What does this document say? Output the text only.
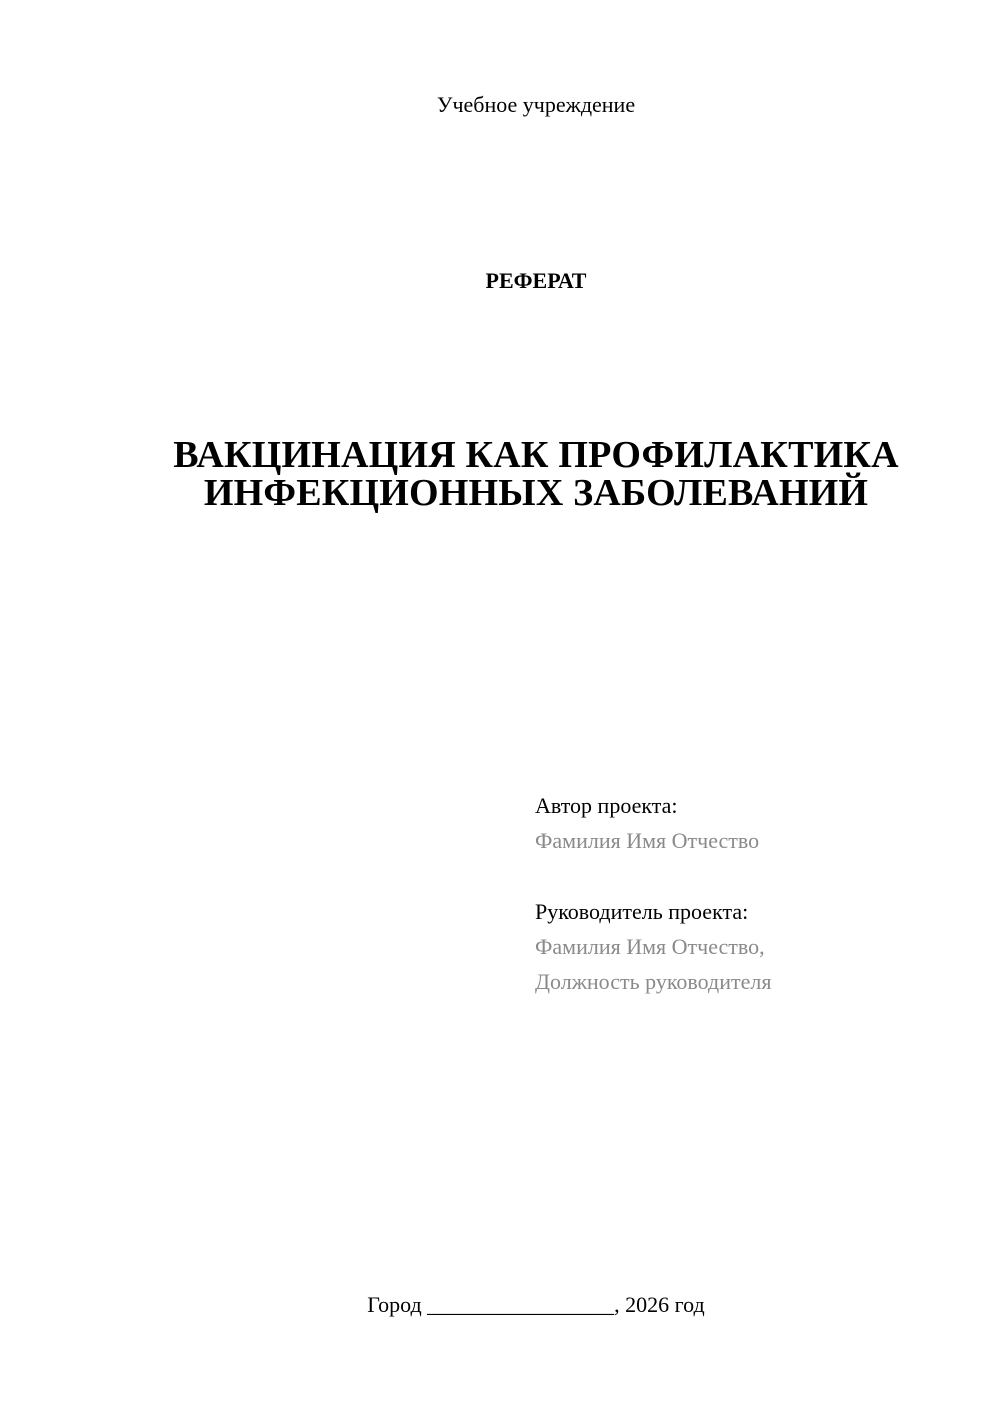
Учебное учреждение
РЕФЕРАТ
ВАКЦИНАЦИЯ КАК ПРОФИЛАКТИКА
ИНФЕКЦИОННЫХ ЗАБОЛЕВАНИЙ
Автор проекта:
Фамилия Имя Отчество
Руководитель проекта:
Фамилия Имя Отчество,
Должность руководителя
Город _________________, 2026 год
